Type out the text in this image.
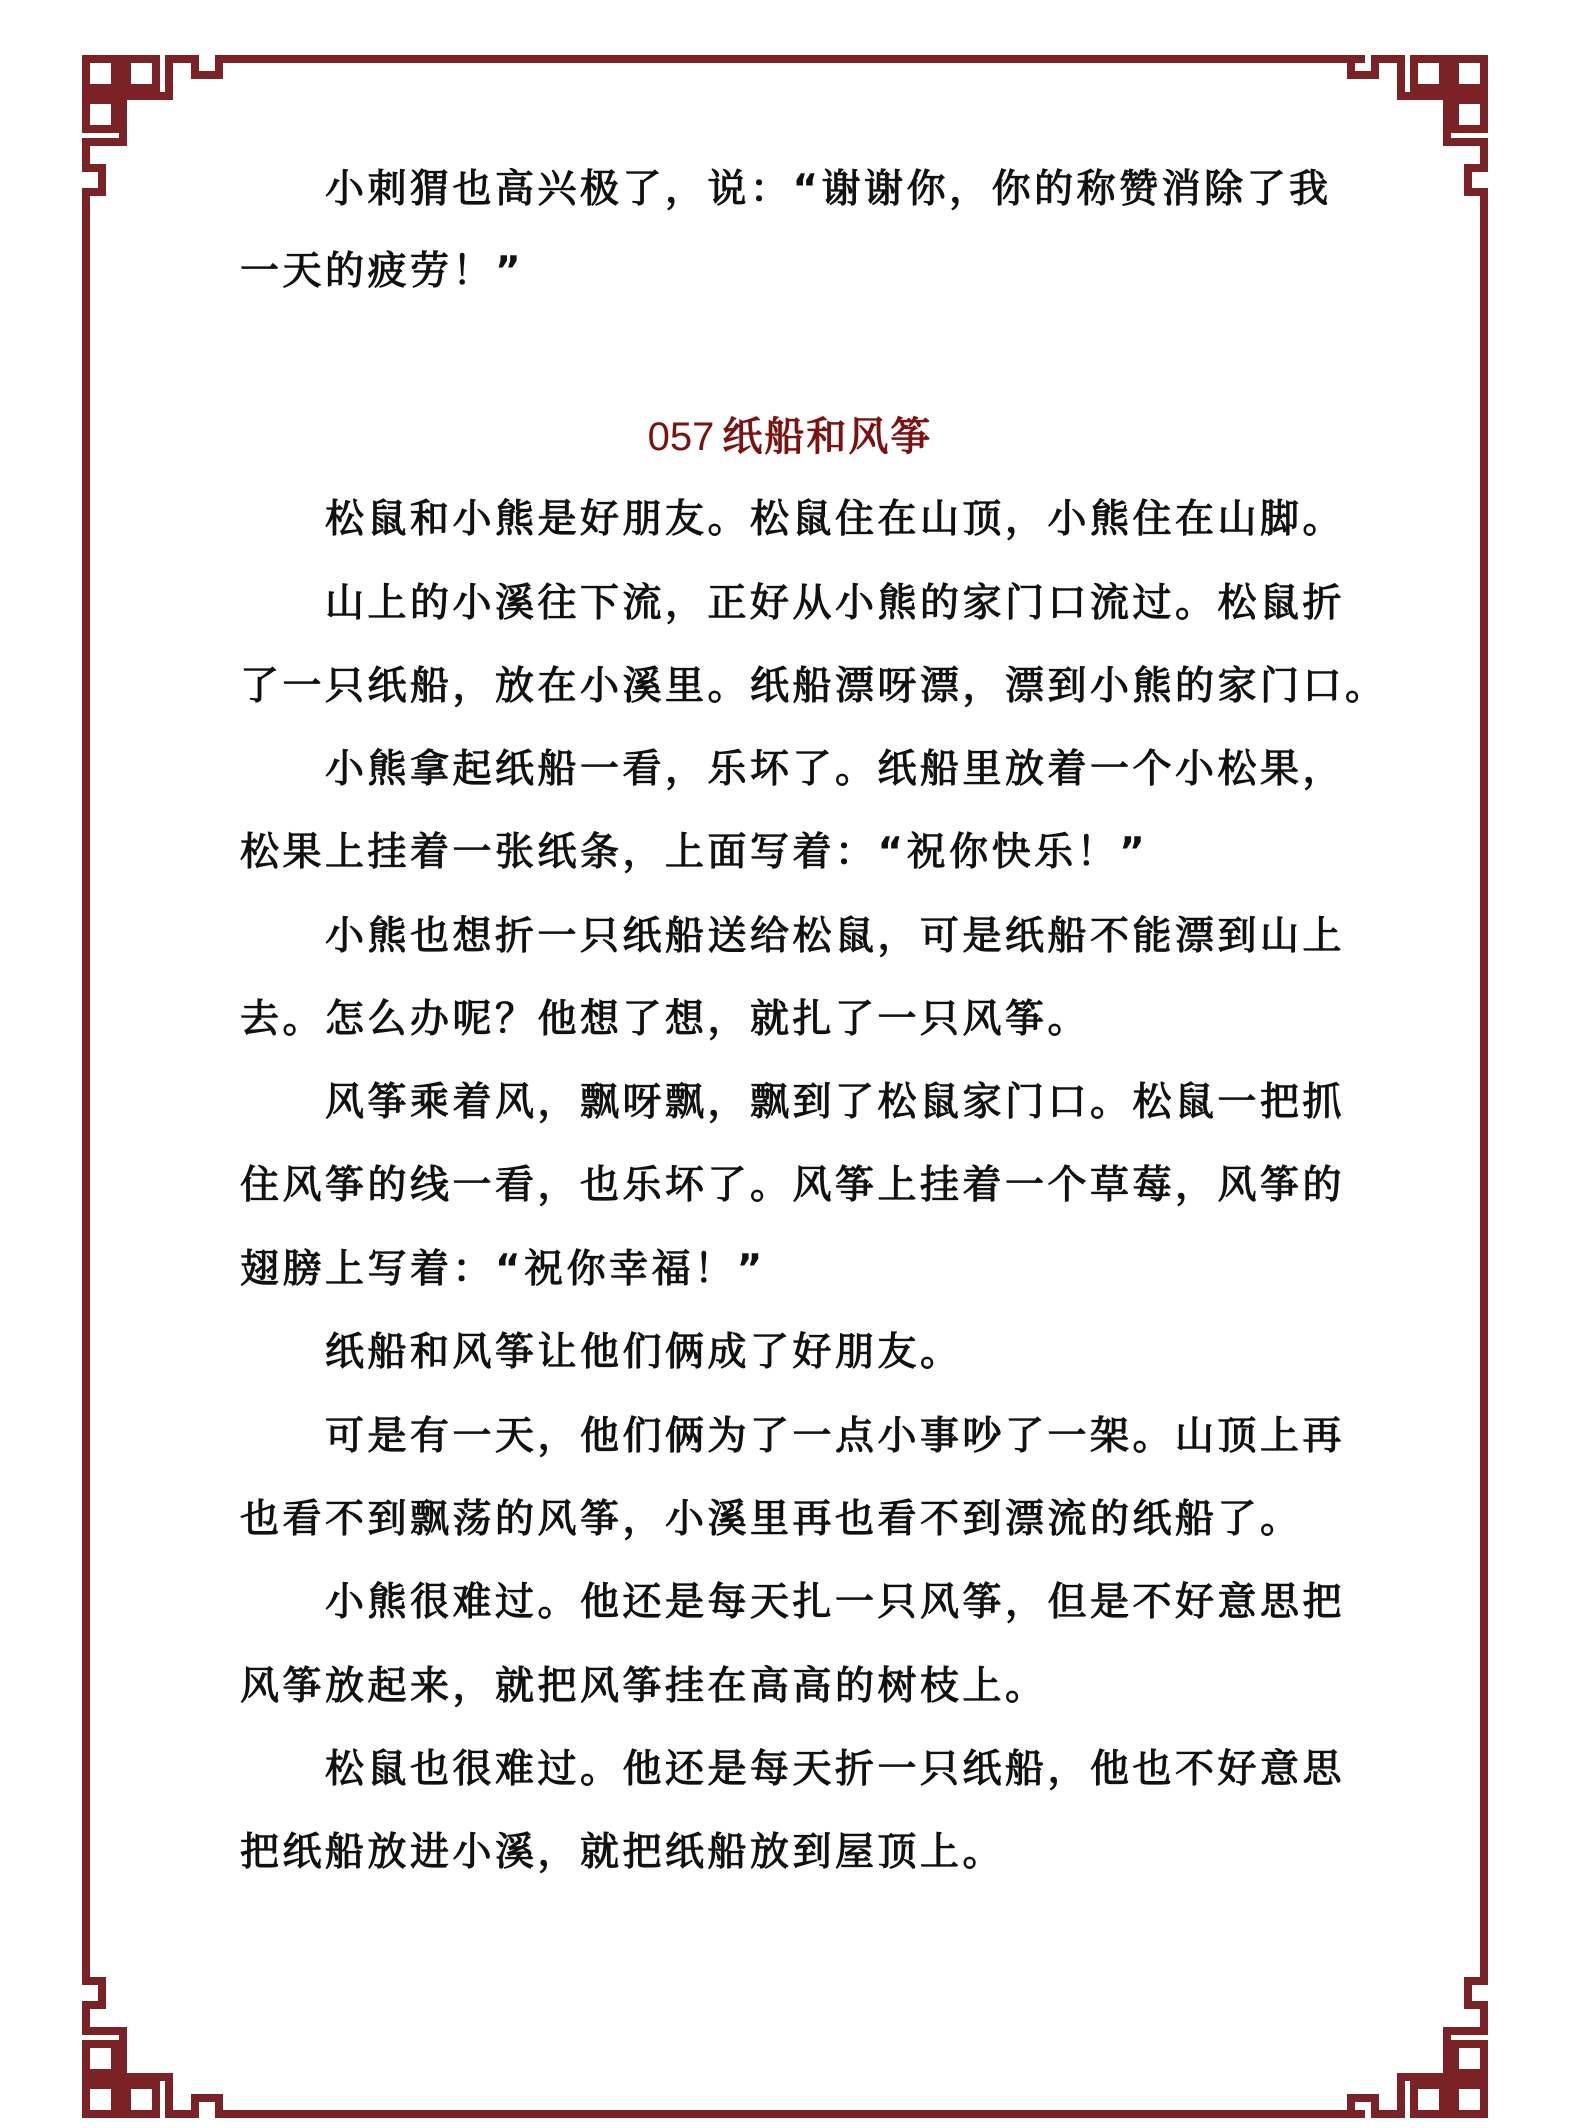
小刺猬也高兴极了，说：“谢谢你，你的称赞消除了我
一天的疲劳！”
057 纸船和风筝
松鼠和小熊是好朋友。松鼠住在山顶，小熊住在山脚。
山上的小溪往下流，正好从小熊的家门口流过。松鼠折
了一只纸船，放在小溪里。纸船漂呀漂，漂到小熊的家门口。
小熊拿起纸船一看，乐坏了。纸船里放着一个小松果，
松果上挂着一张纸条，上面写着：“祝你快乐！”
小熊也想折一只纸船送给松鼠，可是纸船不能漂到山上
去。怎么办呢？他想了想，就扎了一只风筝。
风筝乘着风，飘呀飘，飘到了松鼠家门口。松鼠一把抓
住风筝的线一看，也乐坏了。风筝上挂着一个草莓，风筝的
翅膀上写着：“祝你幸福！”
纸船和风筝让他们俩成了好朋友。
可是有一天，他们俩为了一点小事吵了一架。山顶上再
也看不到飘荡的风筝，小溪里再也看不到漂流的纸船了。
小熊很难过。他还是每天扎一只风筝，但是不好意思把
风筝放起来，就把风筝挂在高高的树枝上。
松鼠也很难过。他还是每天折一只纸船，他也不好意思
把纸船放进小溪，就把纸船放到屋顶上。
